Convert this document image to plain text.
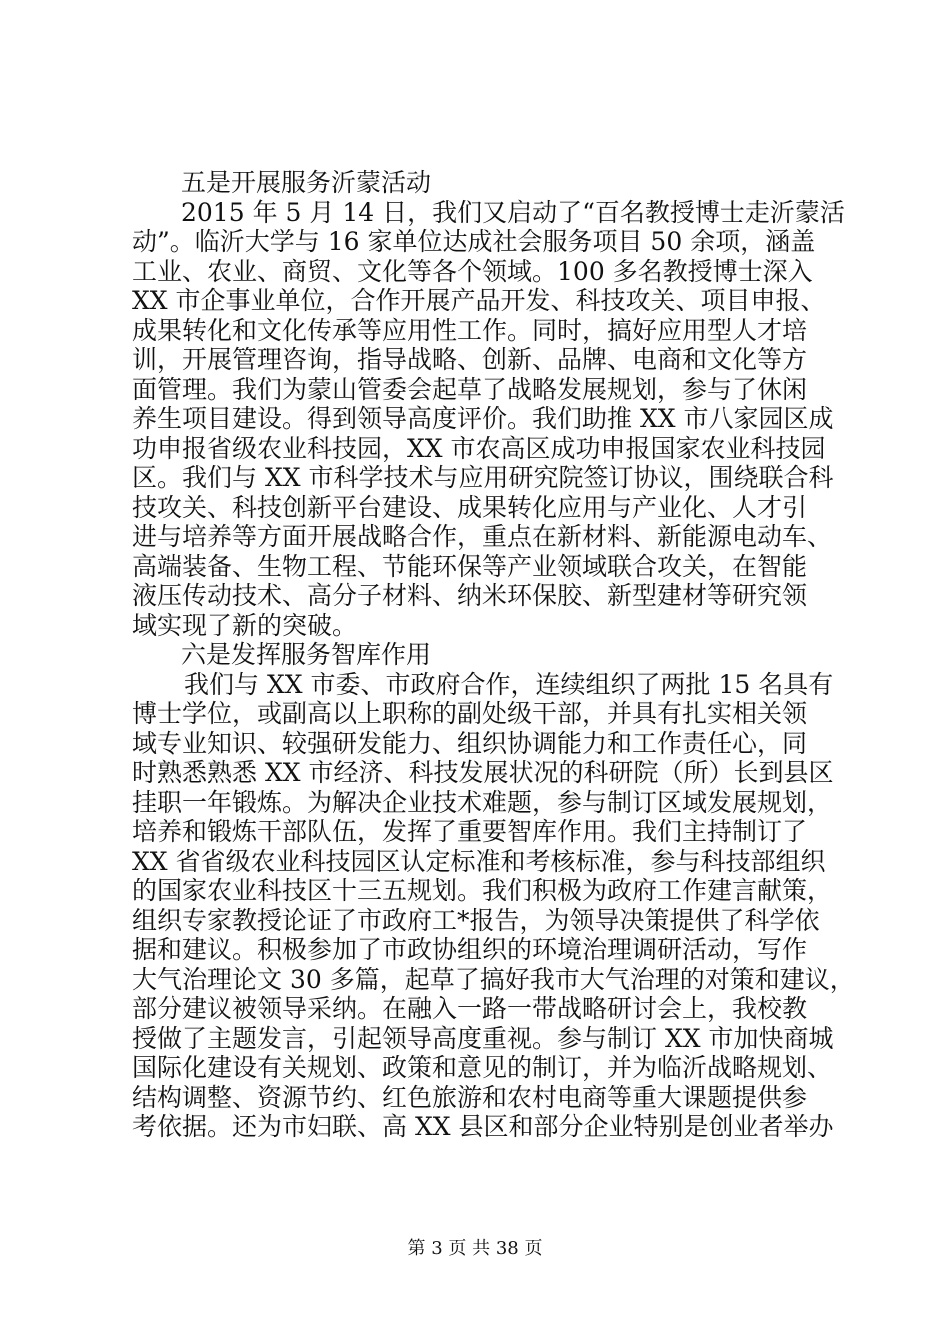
五是开展服务沂蒙活动
2015 年 5 月 14 日，我们又启动了“百名教授博士走沂蒙活
动”。临沂大学与 16 家单位达成社会服务项目 50 余项，涵盖
工业、农业、商贸、文化等各个领域。100 多名教授博士深入
XX 市企事业单位，合作开展产品开发、科技攻关、项目申报、
成果转化和文化传承等应用性工作。同时，搞好应用型人才培
训，开展管理咨询，指导战略、创新、品牌、电商和文化等方
面管理。我们为蒙山管委会起草了战略发展规划，参与了休闲
养生项目建设。得到领导高度评价。我们助推 XX 市八家园区成
功申报省级农业科技园，XX 市农高区成功申报国家农业科技园
区。我们与 XX 市科学技术与应用研究院签订协议，围绕联合科
技攻关、科技创新平台建设、成果转化应用与产业化、人才引
进与培养等方面开展战略合作，重点在新材料、新能源电动车、
高端装备、生物工程、节能环保等产业领域联合攻关，在智能
液压传动技术、高分子材料、纳米环保胶、新型建材等研究领
域实现了新的突破。
六是发挥服务智库作用
我们与 XX 市委、市政府合作，连续组织了两批 15 名具有
博士学位，或副高以上职称的副处级干部，并具有扎实相关领
域专业知识、较强研发能力、组织协调能力和工作责任心，同
时熟悉熟悉 XX 市经济、科技发展状况的科研院（所）长到县区
挂职一年锻炼。为解决企业技术难题，参与制订区域发展规划，
培养和锻炼干部队伍，发挥了重要智库作用。我们主持制订了
XX 省省级农业科技园区认定标准和考核标准，参与科技部组织
的国家农业科技区十三五规划。我们积极为政府工作建言献策，
组织专家教授论证了市政府工*报告，为领导决策提供了科学依
据和建议。积极参加了市政协组织的环境治理调研活动，写作
大气治理论文 30 多篇，起草了搞好我市大气治理的对策和建议，
部分建议被领导采纳。在融入一路一带战略研讨会上，我校教
授做了主题发言，引起领导高度重视。参与制订 XX 市加快商城
国际化建设有关规划、政策和意见的制订，并为临沂战略规划、
结构调整、资源节约、红色旅游和农村电商等重大课题提供参
考依据。还为市妇联、高 XX 县区和部分企业特别是创业者举办
第 3 页 共 38 页
